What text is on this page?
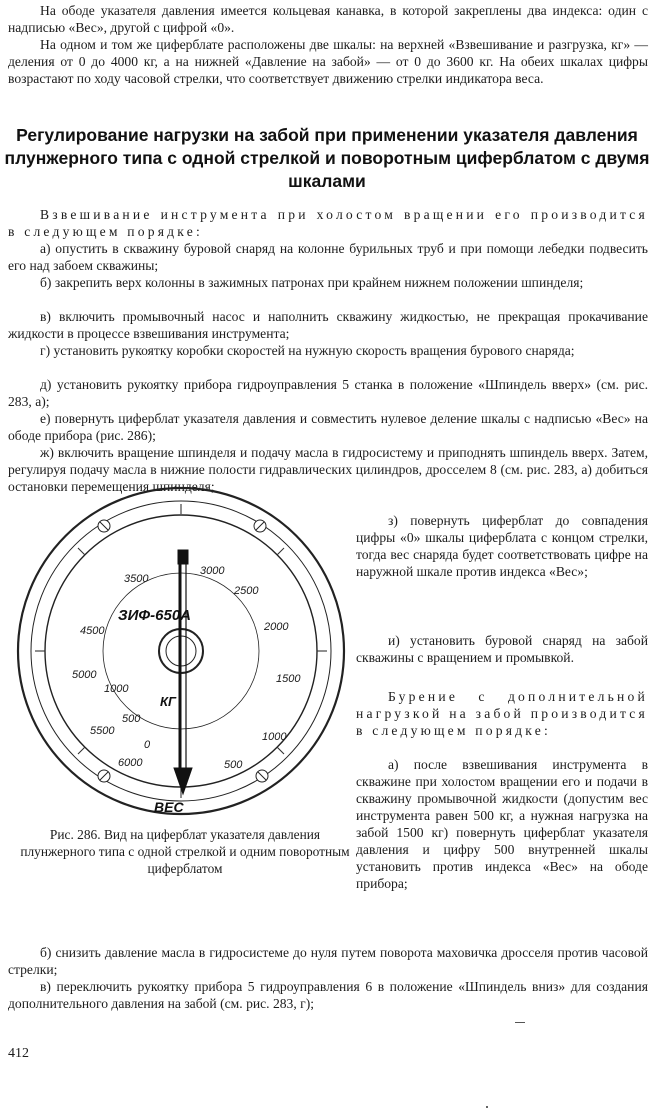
На ободе указателя давления имеется кольцевая канавка, в которой закреплены два индекса: один с надписью «Вес», другой с цифрой «0».

На одном и том же циферблате расположены две шкалы: на верхней «Взвешивание и разгрузка, кг» — деления от 0 до 4000 кг, а на нижней «Давление на забой» — от 0 до 3600 кг. На обеих шкалах цифры возрастают по ходу часовой стрелки, что соответствует движению стрелки индикатора веса.

Регулирование нагрузки на забой при применении указателя давления плунжерного типа с одной стрелкой и поворотным циферблатом с двумя шкалами

Взвешивание инструмента при холостом вращении его производится в следующем порядке:

а) опустить в скважину буровой снаряд на колонне бурильных труб и при помощи лебедки подвесить его над забоем скважины;

б) закрепить верх колонны в зажимных патронах при крайнем нижнем положении шпинделя;

в) включить промывочный насос и наполнить скважину жидкостью, не прекращая прокачивание жидкости в процессе взвешивания инструмента;

г) установить рукоятку коробки скоростей на нужную скорость вращения бурового снаряда;

д) установить рукоятку прибора гидроуправления 5 станка в положение «Шпиндель вверх» (см. рис. 283, а);

е) повернуть циферблат указателя давления и совместить нулевое деление шкалы с надписью «Вес» на ободе прибора (рис. 286);

ж) включить вращение шпинделя и подачу масла в гидросистему и приподнять шпиндель вверх. Затем, регулируя подачу масла в нижние полости гидравлических цилиндров, дросселем 8 (см. рис. 283, а) добиться остановки перемещения шпинделя;

з) повернуть циферблат до совпадения цифры «0» шкалы циферблата с концом стрелки, тогда вес снаряда будет соответствовать цифре на наружной шкале против индекса «Вес»;

и) установить буровой снаряд на забой скважины с вращением и промывкой.

Бурение с дополнительной нагрузкой на забой производится в следующем порядке:

а) после взвешивания инструмента в скважине при холостом вращении его и подачи в скважину промывочной жидкости (допустим вес инструмента равен 500 кг, а нужная нагрузка на забой 1500 кг) повернуть циферблат указателя давления и цифру 500 внутренней шкалы установить против индекса «Вес» на ободе прибора;

3500
3000
2500
2000
1500
1000
500
4500
5000
5500
6000
1000
500
0
ЗИФ-650А
КГ
ВЕС

Рис. 286. Вид на циферблат указателя давления плунжерного типа с одной стрелкой и одним поворотным циферблатом

б) снизить давление масла в гидросистеме до нуля путем поворота маховичка дросселя против часовой стрелки;

в) переключить рукоятку прибора 5 гидроуправления 6 в положение «Шпиндель вниз» для создания дополнительного давления на забой (см. рис. 283, г);

412
